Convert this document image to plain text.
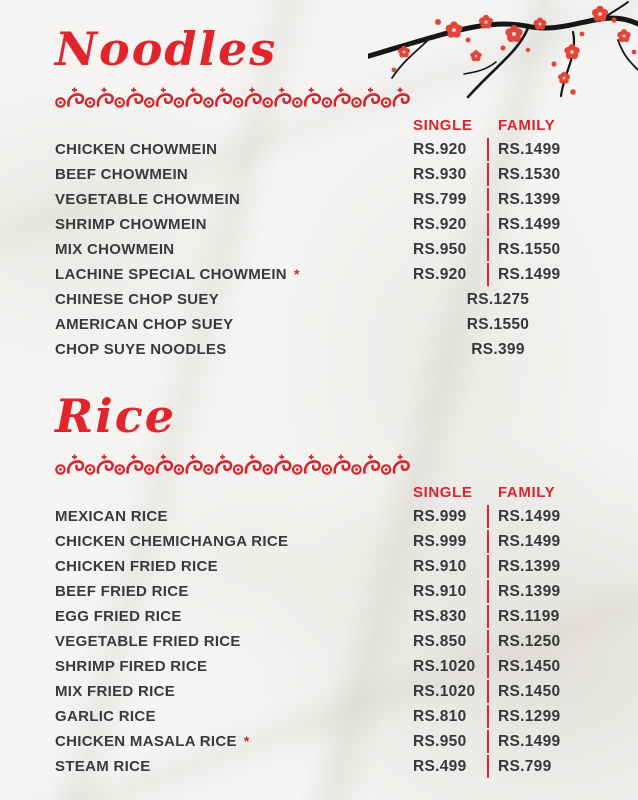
Noodles
SINGLE	FAMILY
CHICKEN CHOWMEIN	RS.920	RS.1499
BEEF CHOWMEIN	RS.930	RS.1530
VEGETABLE CHOWMEIN	RS.799	RS.1399
SHRIMP CHOWMEIN	RS.920	RS.1499
MIX CHOWMEIN	RS.950	RS.1550
LACHINE SPECIAL CHOWMEIN *	RS.920	RS.1499
CHINESE CHOP SUEY	RS.1275
AMERICAN CHOP SUEY	RS.1550
CHOP SUYE NOODLES	RS.399
Rice
SINGLE	FAMILY
MEXICAN RICE	RS.999	RS.1499
CHICKEN CHEMICHANGA RICE	RS.999	RS.1499
CHICKEN FRIED RICE	RS.910	RS.1399
BEEF FRIED RICE	RS.910	RS.1399
EGG FRIED RICE	RS.830	RS.1199
VEGETABLE FRIED RICE	RS.850	RS.1250
SHRIMP FIRED RICE	RS.1020	RS.1450
MIX FRIED RICE	RS.1020	RS.1450
GARLIC RICE	RS.810	RS.1299
CHICKEN MASALA RICE *	RS.950	RS.1499
STEAM RICE	RS.499	RS.799
